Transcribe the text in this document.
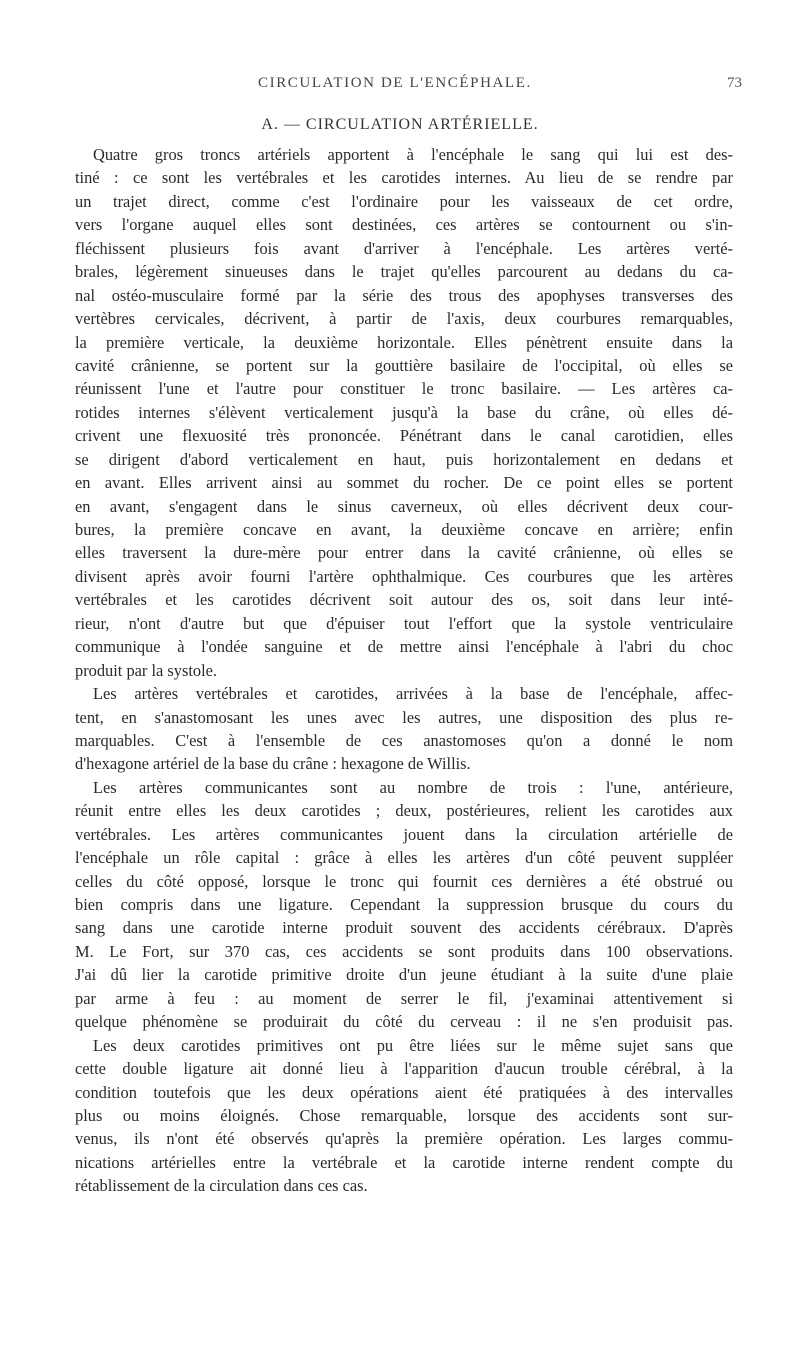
CIRCULATION DE L'ENCÉPHALE.	73
A. — CIRCULATION ARTÉRIELLE.
Quatre gros troncs artériels apportent à l'encéphale le sang qui lui est des-
tiné : ce sont les vertébrales et les carotides internes. Au lieu de se rendre par
un trajet direct, comme c'est l'ordinaire pour les vaisseaux de cet ordre,
vers l'organe auquel elles sont destinées, ces artères se contournent ou s'in-
fléchissent plusieurs fois avant d'arriver à l'encéphale. Les artères verté-
brales, légèrement sinueuses dans le trajet qu'elles parcourent au dedans du ca-
nal ostéo-musculaire formé par la série des trous des apophyses transverses des
vertèbres cervicales, décrivent, à partir de l'axis, deux courbures remarquables,
la première verticale, la deuxième horizontale. Elles pénètrent ensuite dans la
cavité crânienne, se portent sur la gouttière basilaire de l'occipital, où elles se
réunissent l'une et l'autre pour constituer le tronc basilaire. — Les artères ca-
rotides internes s'élèvent verticalement jusqu'à la base du crâne, où elles dé-
crivent une flexuosité très prononcée. Pénétrant dans le canal carotidien, elles
se dirigent d'abord verticalement en haut, puis horizontalement en dedans et
en avant. Elles arrivent ainsi au sommet du rocher. De ce point elles se portent
en avant, s'engagent dans le sinus caverneux, où elles décrivent deux cour-
bures, la première concave en avant, la deuxième concave en arrière; enfin
elles traversent la dure-mère pour entrer dans la cavité crânienne, où elles se
divisent après avoir fourni l'artère ophthalmique. Ces courbures que les artères
vertébrales et les carotides décrivent soit autour des os, soit dans leur inté-
rieur, n'ont d'autre but que d'épuiser tout l'effort que la systole ventriculaire
communique à l'ondée sanguine et de mettre ainsi l'encéphale à l'abri du choc
produit par la systole.
Les artères vertébrales et carotides, arrivées à la base de l'encéphale, affec-
tent, en s'anastomosant les unes avec les autres, une disposition des plus re-
marquables. C'est à l'ensemble de ces anastomoses qu'on a donné le nom
d'hexagone artériel de la base du crâne : hexagone de Willis.
Les artères communicantes sont au nombre de trois : l'une, antérieure,
réunit entre elles les deux carotides ; deux, postérieures, relient les carotides aux
vertébrales. Les artères communicantes jouent dans la circulation artérielle de
l'encéphale un rôle capital : grâce à elles les artères d'un côté peuvent suppléer
celles du côté opposé, lorsque le tronc qui fournit ces dernières a été obstrué ou
bien compris dans une ligature. Cependant la suppression brusque du cours du
sang dans une carotide interne produit souvent des accidents cérébraux. D'après
M. Le Fort, sur 370 cas, ces accidents se sont produits dans 100 observations.
J'ai dû lier la carotide primitive droite d'un jeune étudiant à la suite d'une plaie
par arme à feu : au moment de serrer le fil, j'examinai attentivement si
quelque phénomène se produirait du côté du cerveau : il ne s'en produisit pas.
Les deux carotides primitives ont pu être liées sur le même sujet sans que
cette double ligature ait donné lieu à l'apparition d'aucun trouble cérébral, à la
condition toutefois que les deux opérations aient été pratiquées à des intervalles
plus ou moins éloignés. Chose remarquable, lorsque des accidents sont sur-
venus, ils n'ont été observés qu'après la première opération. Les larges commu-
nications artérielles entre la vertébrale et la carotide interne rendent compte du
rétablissement de la circulation dans ces cas.
